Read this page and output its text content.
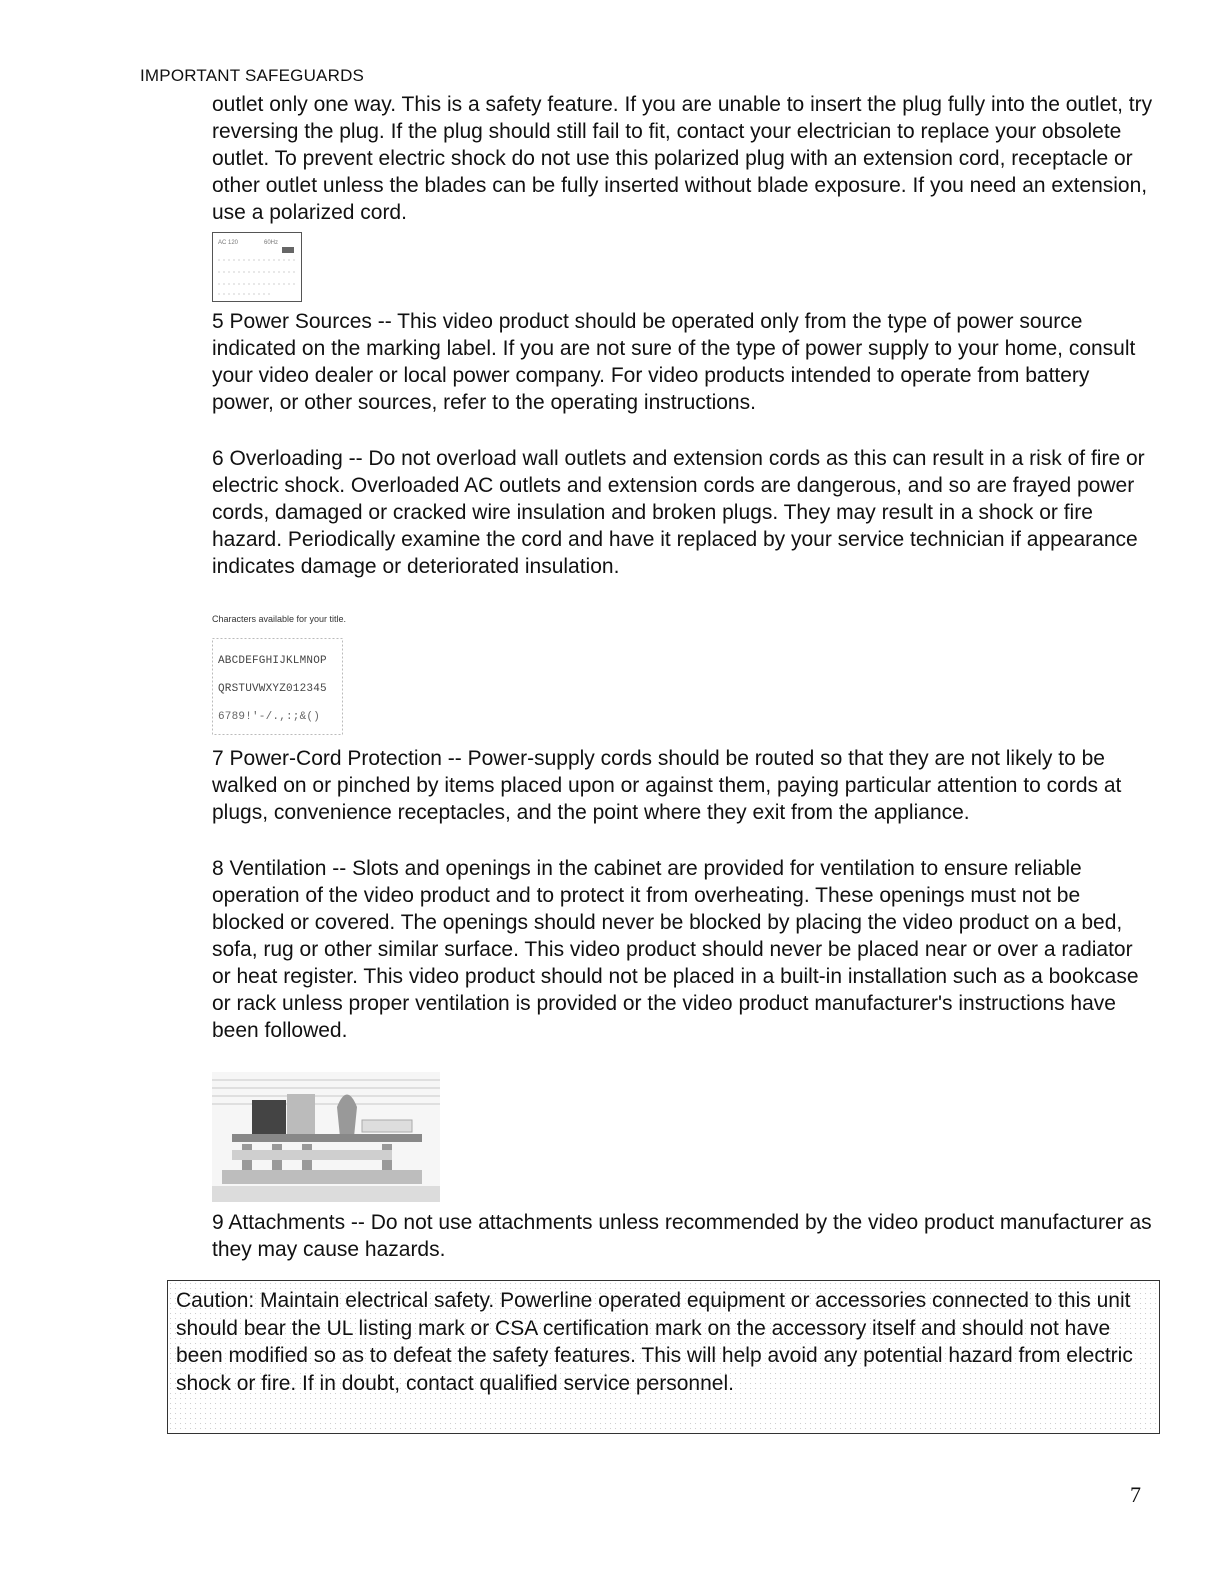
IMPORTANT SAFEGUARDS
outlet only one way. This is a safety feature. If you are unable to insert the plug fully into the outlet, try reversing the plug. If the plug should still fail to fit, contact your electrician to replace your obsolete outlet. To prevent electric shock do not use this polarized plug with an extension cord, receptacle or other outlet unless the blades can be fully inserted without blade exposure. If you need an extension, use a polarized cord.
AC 120	60Hz
5 Power Sources -- This video product should be operated only from the type of power source indicated on the marking label. If you are not sure of the type of power supply to your home, consult your video dealer or local power company. For video products intended to operate from battery power, or other sources, refer to the operating instructions.
6 Overloading -- Do not overload wall outlets and extension cords as this can result in a risk of fire or electric shock. Overloaded AC outlets and extension cords are dangerous, and so are frayed power cords, damaged or cracked wire insulation and broken plugs. They may result in a shock or fire hazard. Periodically examine the cord and have it replaced by your service technician if appearance indicates damage or deteriorated insulation.
Characters available for your title.
ABCDEFGHIJKLMNOP
QRSTUVWXYZ012345
6789!'-/.,:;&()
7 Power-Cord Protection -- Power-supply cords should be routed so that they are not likely to be walked on or pinched by items placed upon or against them, paying particular attention to cords at plugs, convenience receptacles, and the point where they exit from the appliance.
8 Ventilation -- Slots and openings in the cabinet are provided for ventilation to ensure reliable operation of the video product and to protect it from overheating. These openings must not be blocked or covered. The openings should never be blocked by placing the video product on a bed, sofa, rug or other similar surface. This video product should never be placed near or over a radiator or heat register. This video product should not be placed in a built-in installation such as a bookcase or rack unless proper ventilation is provided or the video product manufacturer's instructions have been followed.
9 Attachments -- Do not use attachments unless recommended by the video product manufacturer as they may cause hazards.
Caution: Maintain electrical safety. Powerline operated equipment or accessories connected to this unit should bear the UL listing mark or CSA certification mark on the accessory itself and should not have been modified so as to defeat the safety features. This will help avoid any potential hazard from electric shock or fire. If in doubt, contact qualified service personnel.
7
